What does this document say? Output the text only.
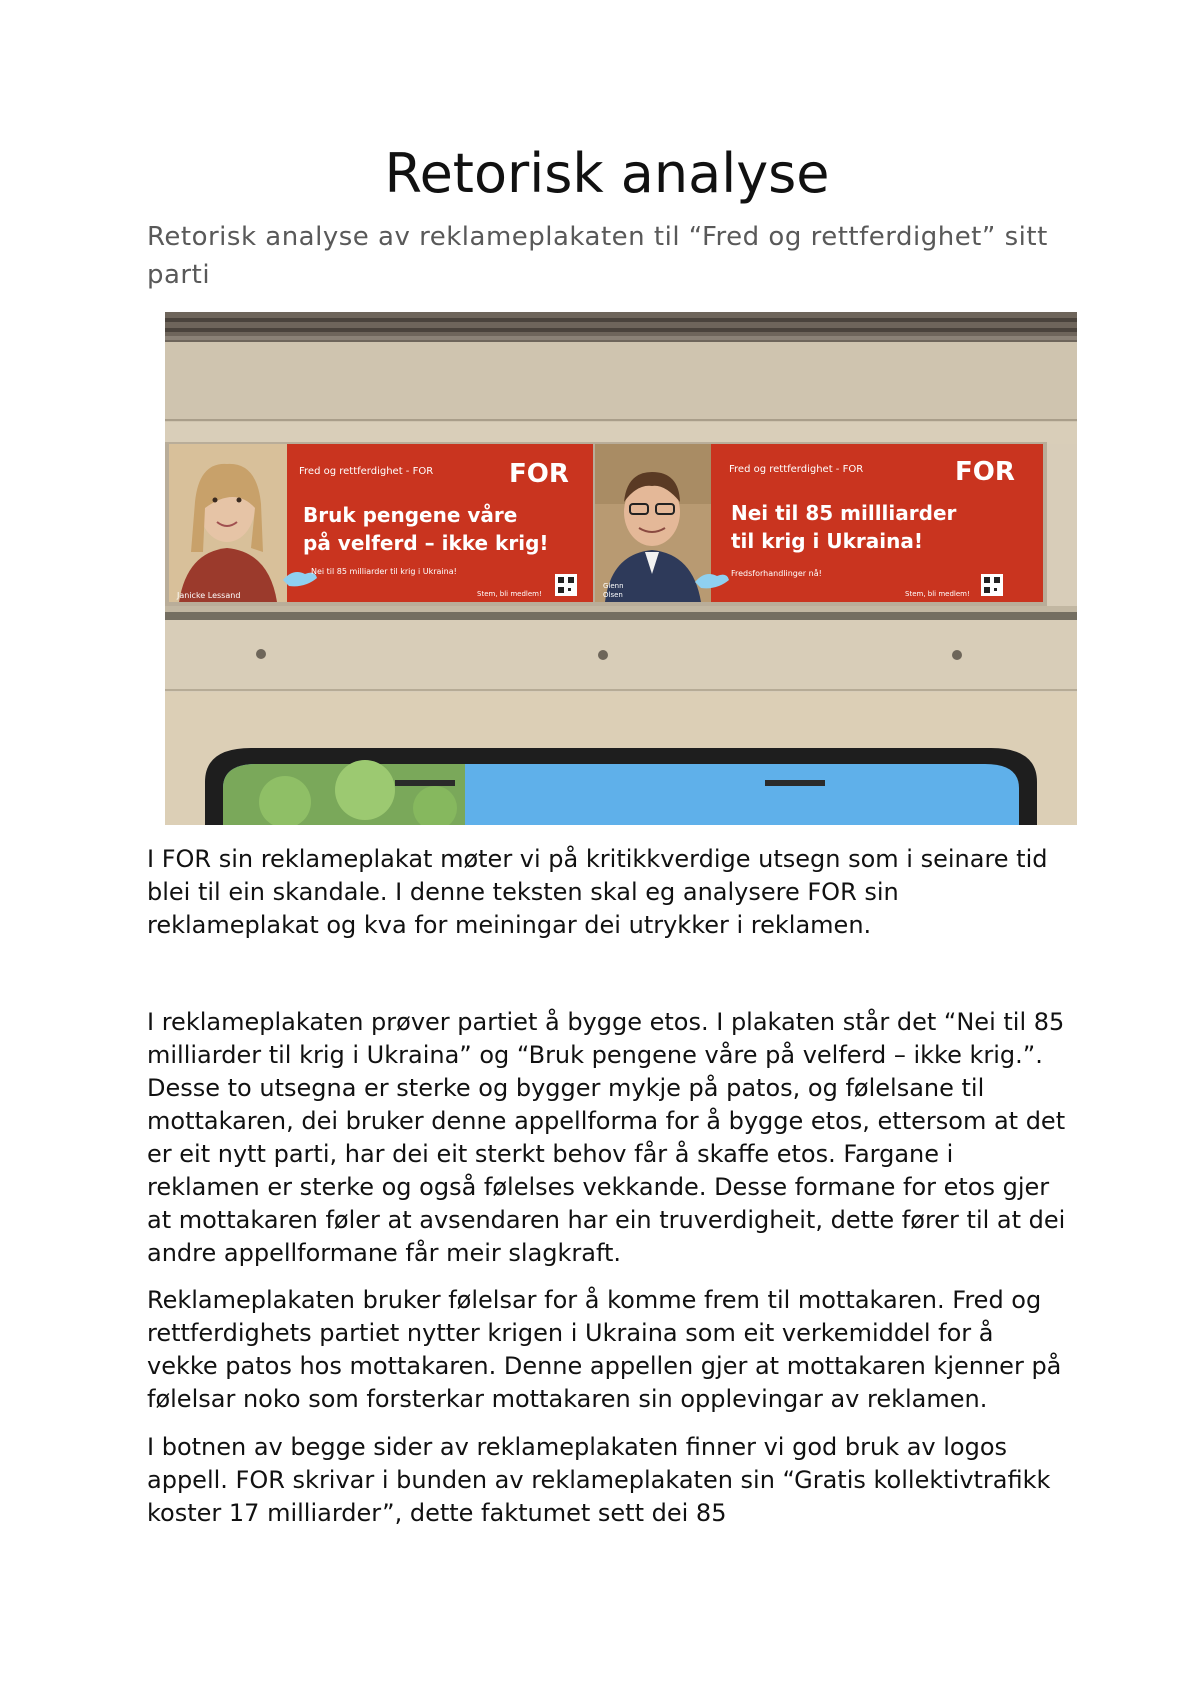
Retorisk analyse

Retorisk analyse av reklameplakaten til “Fred og rettferdighet” sitt parti

Janicke Lessand
Fred og rettferdighet - FOR	FOR
Bruk pengene våre
på velferd – ikke krig!
Nei til 85 milliarder til krig i Ukraina!
Stem, bli medlem!
Glenn
Olsen
Fred og rettferdighet - FOR	FOR
Nei til 85 millliarder
til krig i Ukraina!
Fredsforhandlinger nå!
Stem, bli medlem!

I FOR sin reklameplakat møter vi på kritikkverdige utsegn som i seinare tid blei til ein skandale. I denne teksten skal eg analysere FOR sin reklameplakat og kva for meiningar dei utrykker i reklamen.

I reklameplakaten prøver partiet å bygge etos. I plakaten står det “Nei til 85 milliarder til krig i Ukraina” og “Bruk pengene våre på velferd – ikke krig.”. Desse to utsegna er sterke og bygger mykje på patos, og følelsane til mottakaren, dei bruker denne appellforma for å bygge etos, ettersom at det er eit nytt parti, har dei eit sterkt behov får å skaffe etos. Fargane i reklamen er sterke og også følelses vekkande. Desse formane for etos gjer at mottakaren føler at avsendaren har ein truverdigheit, dette fører til at dei andre appellformane får meir slagkraft.

Reklameplakaten bruker følelsar for å komme frem til mottakaren. Fred og rettferdighets partiet nytter krigen i Ukraina som eit verkemiddel for å vekke patos hos mottakaren. Denne appellen gjer at mottakaren kjenner på følelsar noko som forsterkar mottakaren sin opplevingar av reklamen.

I botnen av begge sider av reklameplakaten finner vi god bruk av logos appell. FOR skrivar i bunden av reklameplakaten sin “Gratis kollektivtrafikk koster 17 milliarder”, dette faktumet sett dei 85
